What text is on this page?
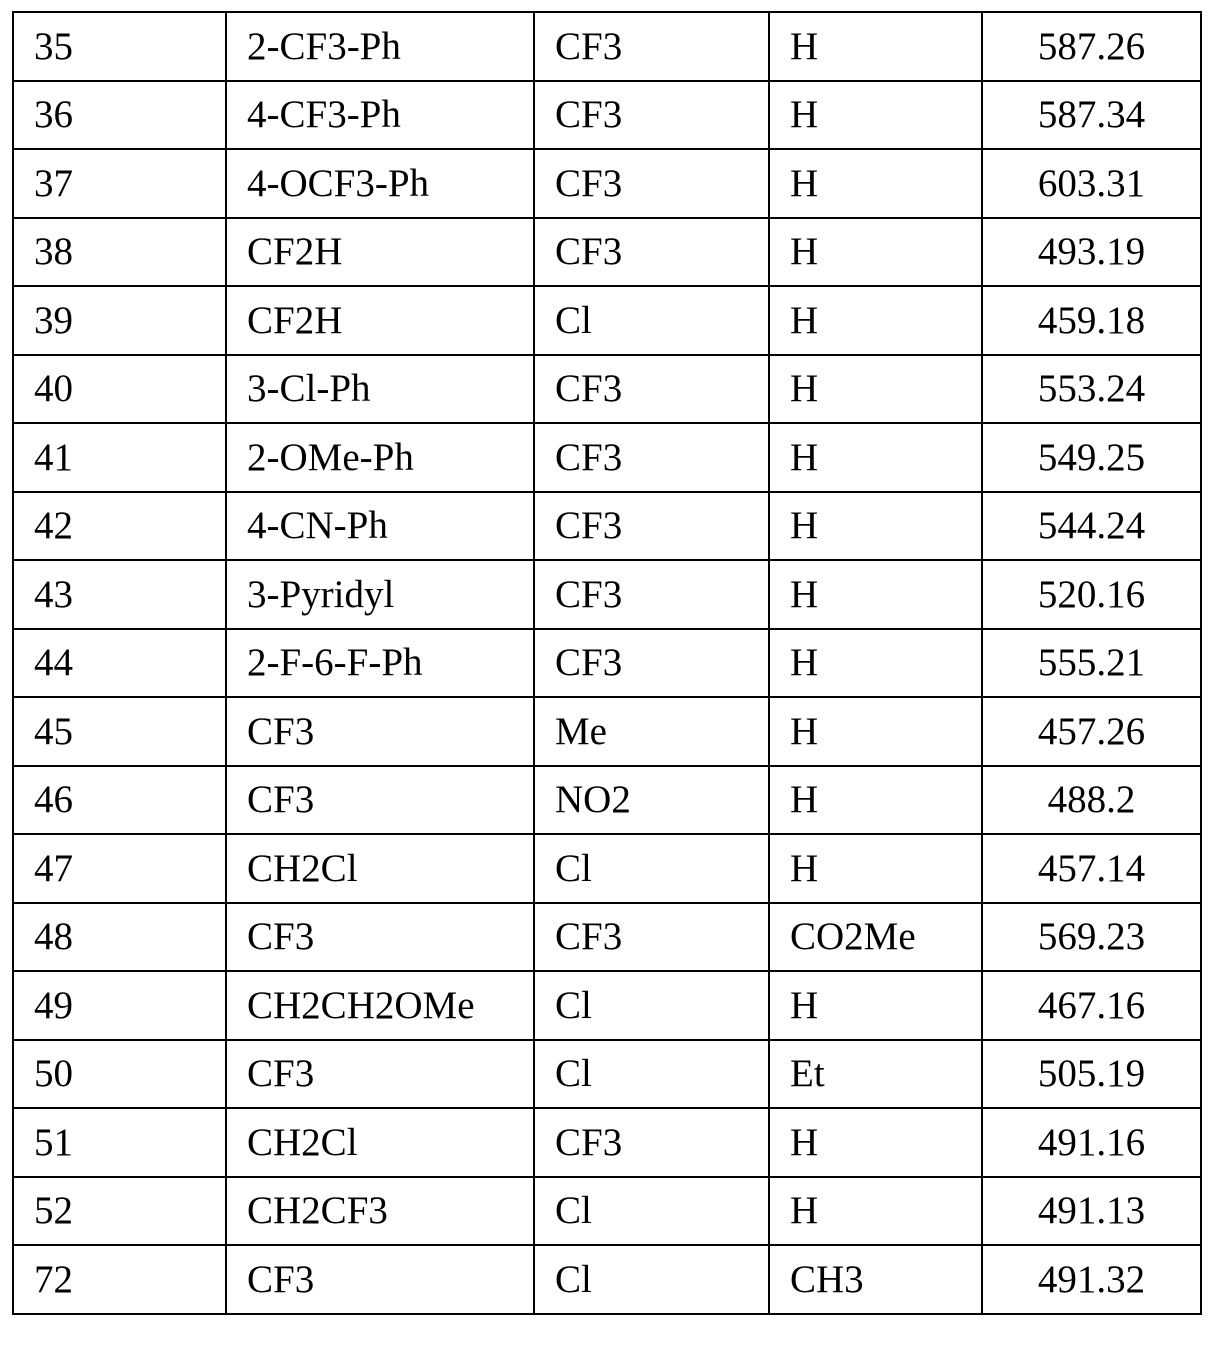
35	2-CF3-Ph	CF3	H	587.26
36	4-CF3-Ph	CF3	H	587.34
37	4-OCF3-Ph	CF3	H	603.31
38	CF2H	CF3	H	493.19
39	CF2H	Cl	H	459.18
40	3-Cl-Ph	CF3	H	553.24
41	2-OMe-Ph	CF3	H	549.25
42	4-CN-Ph	CF3	H	544.24
43	3-Pyridyl	CF3	H	520.16
44	2-F-6-F-Ph	CF3	H	555.21
45	CF3	Me	H	457.26
46	CF3	NO2	H	488.2
47	CH2Cl	Cl	H	457.14
48	CF3	CF3	CO2Me	569.23
49	CH2CH2OMe	Cl	H	467.16
50	CF3	Cl	Et	505.19
51	CH2Cl	CF3	H	491.16
52	CH2CF3	Cl	H	491.13
72	CF3	Cl	CH3	491.32
